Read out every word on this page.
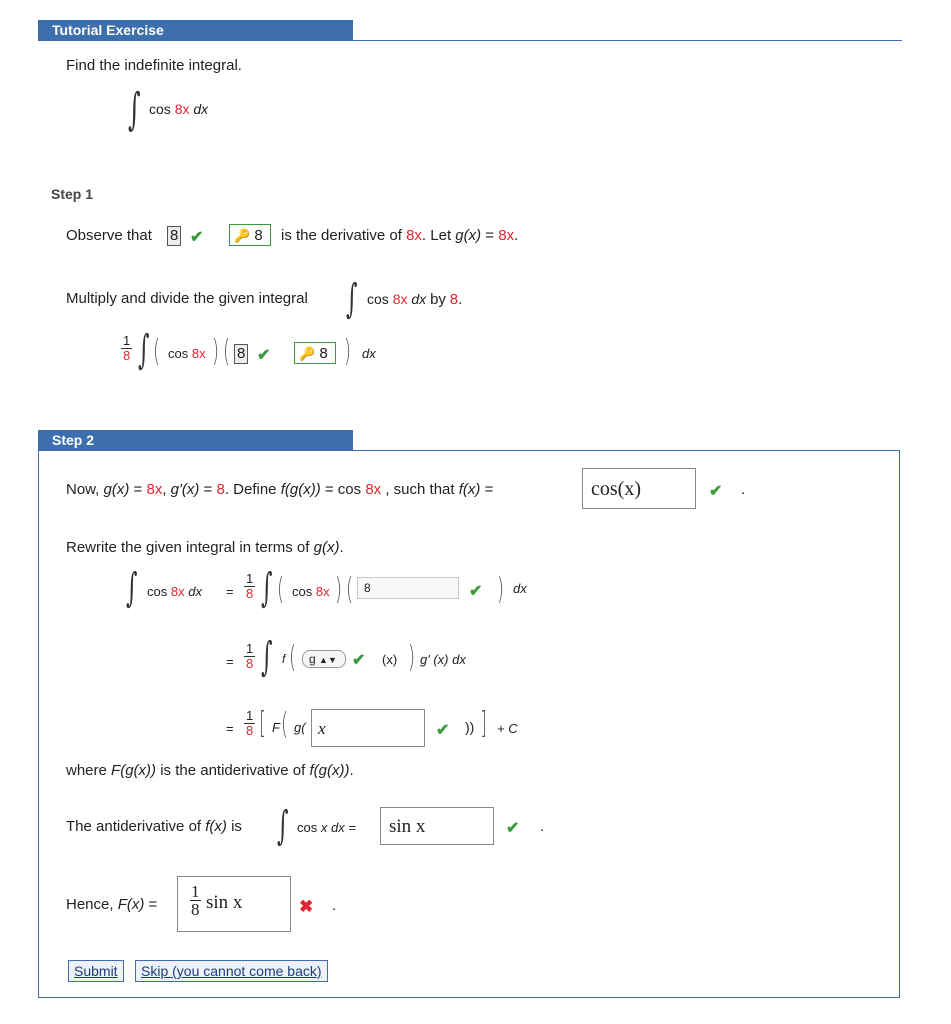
Tutorial Exercise
Find the indefinite integral.
∫ cos 8x dx
Step 1
Observe that 8 ✔	🔑 8	is the derivative of 8x. Let g(x) = 8x.
Multiply and divide the given integral ∫ cos 8x dx by 8.
$\frac{1}{8}$ ∫ ( cos 8x ) ( 8 ✔	🔑 8 ) dx
Step 2
Now, g(x) = 8x, g'(x) = 8. Define f(g(x)) = cos 8x , such that f(x) =	cos(x)	✔ .
Rewrite the given integral in terms of g(x).
∫ cos 8x dx = $\frac{1}{8}$ ∫ ( cos 8x ) ( 8	✔ ) dx
= $\frac{1}{8}$ ∫ f (	g ▲▼ ✔ (x) ) g' (x) dx
= $\frac{1}{8}$ [ F ( g( x	✔ )) ] + C
where F(g(x)) is the antiderivative of f(g(x)).
The antiderivative of f(x) is ∫ cos x dx =	sin x	✔ .
Hence, F(x) =
1
8 sin x	✖ .
Submit	Skip (you cannot come back)
